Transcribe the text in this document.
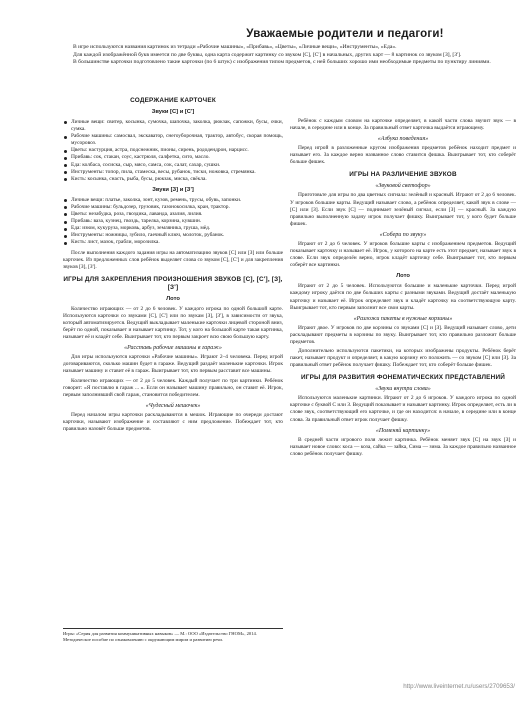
Уважаемые родители и педагоги!

В игре используются названия картинок из тетради «Рабочие машины», «Прибавь», «Цветы», «Личные вещи», «Инструменты», «Еда».

Для каждой изображённой букв имеется по две буквы, одна карта содержит картинку со звуком [С], [С'] в начальных, других карт — 8 картинок со звуком [З], [З'].

В большинстве карточки подготовлено такие карточки (по 6 штук) с изображения типом предметов, с ней больших хорошо ими необходимые предметы по пунктиру линиями.

СОДЕРЖАНИЕ КАРТОЧЕК
Звуки [С] и [С']
Личные вещи: свитер, косынка, сумочка, шапочка, заколка, рюкзак, сапожки, бусы, очки, сумка.
Рабочие машины: самосвал, экскаватор, снегоуборочная, трактор, автобус, скорая помощь, мусоровоз.
Цветы: настурция, астра, подснежник, пионы, сирень, рододендрон, нарцисс.
Прибавь: сок, стакан, соус, кастрюля, салфетка, сито, масло.
Еда: колбаса, сосиска, сыр, мясо, самса, сок, салат, сахар, сушки.
Инструменты: топор, пила, стамеска, весы, рубанок, тиски, ножовка, стремянка.
Кисть: косынка, снасть, рыба, бусы, рюкзак, миска, свёкла.
Звуки [З] и [З']
Личные вещи: платье, заколка, зонт, кузов, ремень, трусы, обувь, запонки.
Рабочие машины: бульдозер, грузовик, газонокосилка, кран, трактор.
Цветы: незабудка, роза, гвоздика, лаванда, азалия, лилия.
Прибавь: ваза, кузнец, гвоздь, тарелка, корзина, кувшин.
Еда: изюм, кукуруза, морковь, арбуз, земляника, груша, мёд.
Инструменты: ножницы, зубило, гаечный ключ, молоток, рубанок.
Кисть: лист, мазок, грабли, морозилка.

После выполнения каждого задания игры на автоматизацию звуков [С] или [З] или больше карточек. Из предложенных слов ребёнок выделяет слова со звуком [С], [С'] и для закрепления звуков [З], [З'].

ИГРЫ ДЛЯ ЗАКРЕПЛЕНИЯ ПРОИЗНОШЕНИЯ ЗВУКОВ [С], [С'], [З], [З']
Лото

Количество играющих — от 2 до 6 человек. У каждого игрока по одной большой карте. Используются карточки со звуками [С], [С'] или по звукам [З], [З'], в зависимости от звука, который автоматизируется. Ведущий выкладывает маленькие карточки лицевой стороной вниз, берёт по одной, показывает и называет картинку. Тот, у кого на большой карте такая картинка, называет её и кладёт себе. Выигрывает тот, кто первым закроет всю свою большую карту.

«Расставь рабочие машины в гараж»

Для игры используются карточки «Рабочие машины». Играют 2–4 человека. Перед игрой договариваются, сколько машин будет в гараже. Ведущий раздаёт маленькие карточки. Игрок называет машину и ставит её в гараж. Выигрывает тот, кто первым расставит все машины.

Количество играющих — от 2 до 5 человек. Каждый получает по три картинки. Ребёнок говорит: «Я поставлю в гараж ... ». Если он называет машину правильно, он ставит её. Игрок, первым заполнивший свой гараж, становится победителем.

«Чудесный мешочек»

Перед началом игры карточки раскладываются в мешок. Играющие по очереди достают карточки, называют изображение и составляют с ним предложение. Побеждает тот, кто правильно назовёт больше предметов.

Игры: «Серия для развития коммуникативных навыков» — М.: ООО «Издательство ГНОМ», 2014.

Методическое пособие по ознакомлению с окружающим миром и развитию речи.

Ребёнок с каждым словом на карточке определяет, в какой части слова звучит звук — в начале, в середине или в конце. За правильный ответ карточка выдаётся играющему.

«Азбука поведения»

Перед игрой в разложенные кругом изображения предметов ребёнок находит предмет и называет его. За каждое верно названное слово ставится фишка. Выигрывает тот, кто соберёт больше фишек.

ИГРЫ НА РАЗЛИЧЕНИЕ ЗВУКОВ
«Звуковой светофор»

Приготовьте для игры по два цветных сигнала: зелёный и красный. Играют от 2 до 6 человек. У игроков большие карты. Ведущий называет слово, а ребёнок определяет, какой звук в слове — [С] или [З]. Если звук [С] — поднимает зелёный сигнал, если [З] — красный. За каждую правильно выполненную задачу игрок получает фишку. Выигрывает тот, у кого будет больше фишек.

«Собери по звуку»

Играют от 2 до 6 человек. У игроков большие карты с изображением предметов. Ведущий показывает карточку и называет её. Игрок, у которого на карте есть этот предмет, называет звук в слове. Если звук определён верно, игрок кладёт карточку себе. Выигрывает тот, кто первым соберёт все картинки.

Лото

Играют от 2 до 5 человек. Используются большие и маленькие карточки. Перед игрой каждому игроку даётся по две больших карты с разными звуками. Ведущий достаёт маленькую карточку и называет её. Игрок определяет звук и кладёт карточку на соответствующую карту. Выигрывает тот, кто первым заполнит все свои карты.

«Разложи пакеты в нужные корзины»

Играют двое. У игроков по две корзины со звуками [С] и [З]. Ведущий называет слово, дети раскладывают предметы в корзины по звуку. Выигрывает тот, кто правильно разложит больше предметов.

Дополнительно используются пакетики, на которых изображены продукты. Ребёнок берёт пакет, называет продукт и определяет, в какую корзину его положить — со звуком [С] или [З]. За правильный ответ ребёнок получает фишку. Побеждает тот, кто соберёт больше фишек.

ИГРЫ ДЛЯ РАЗВИТИЯ ФОНЕМАТИЧЕСКИХ ПРЕДСТАВЛЕНИЙ
«Звуки внутри слова»

Используются маленькие картинки. Играют от 2 до 6 игроков. У каждого игрока по одной карточке с буквой С или З. Ведущий показывает и называет картинку. Игрок определяет, есть ли в слове звук, соответствующий его карточке, и где он находится: в начале, в середине или в конце слова. За правильный ответ игрок получает фишку.

«Поменяй картинку»

В средней части игрового поля лежит картинка. Ребёнок меняет звук [С] на звук [З] и называет новое слово: коса — коза, сайка — зайка, Сима — зима. За каждое правильно названное слово ребёнок получает фишку.

http://www.liveinternet.ru/users/2709653/
